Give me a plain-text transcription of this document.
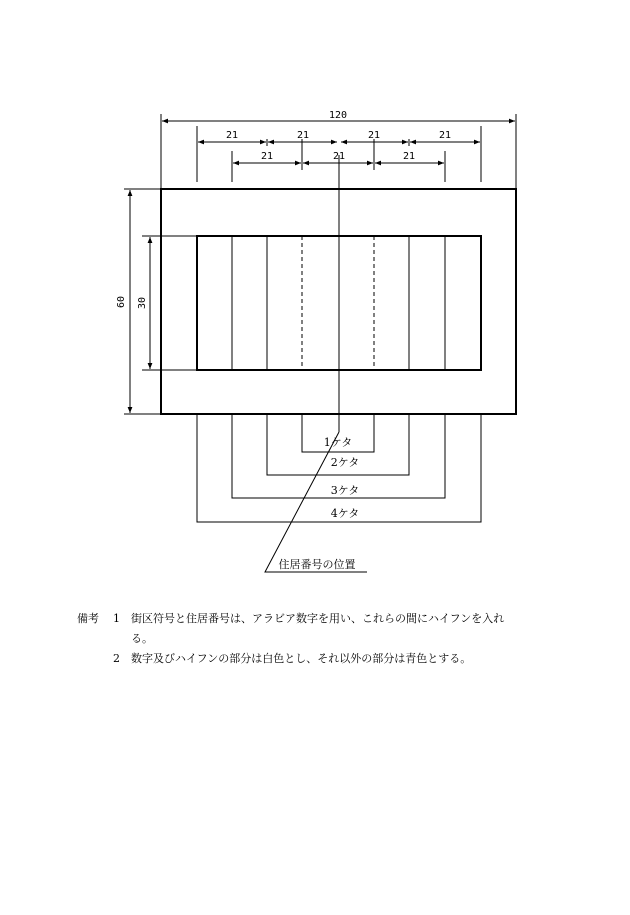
120
21	21	21	21
21	21	21
60 30
1ケタ
2ケタ
3ケタ
4ケタ
住居番号の位置
備考 1 街区符号と住居番号は、アラビア数字を用い、これらの間にハイフンを入れ
る。
2 数字及びハイフンの部分は白色とし、それ以外の部分は青色とする。
